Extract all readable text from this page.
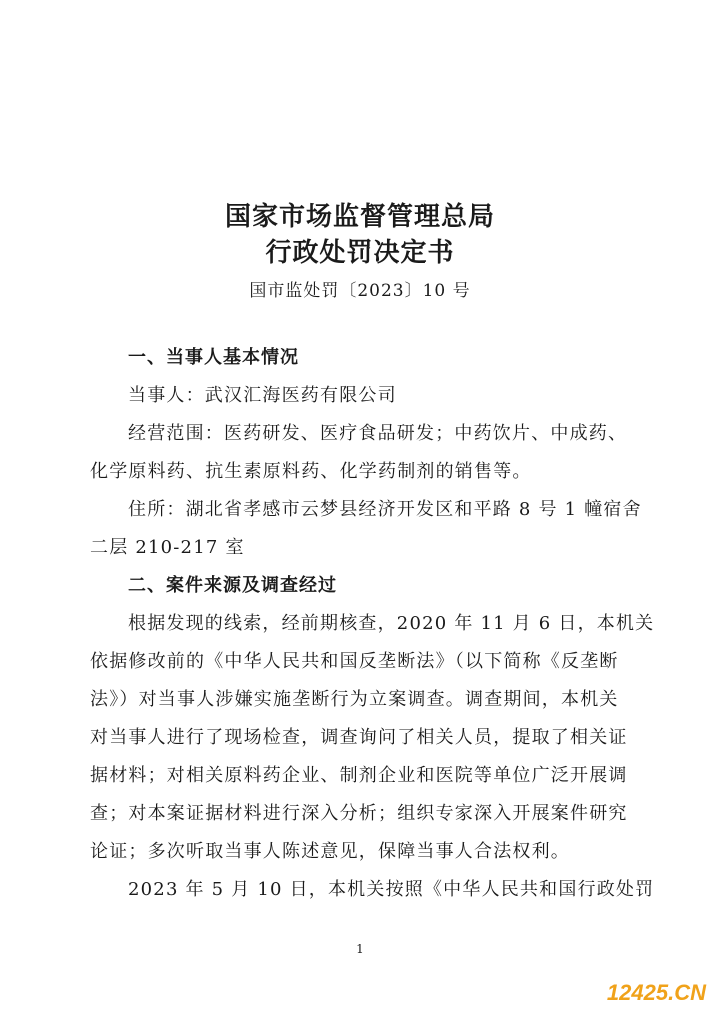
国家市场监督管理总局
行政处罚决定书
国市监处罚〔2023〕10 号
一、当事人基本情况
当事人：武汉汇海医药有限公司
经营范围：医药研发、医疗食品研发；中药饮片、中成药、
化学原料药、抗生素原料药、化学药制剂的销售等。
住所：湖北省孝感市云梦县经济开发区和平路 8 号 1 幢宿舍
二层 210-217 室
二、案件来源及调查经过
根据发现的线索，经前期核查，2020 年 11 月 6 日，本机关
依据修改前的《中华人民共和国反垄断法》（以下简称《反垄断
法》）对当事人涉嫌实施垄断行为立案调查。调查期间，本机关
对当事人进行了现场检查，调查询问了相关人员，提取了相关证
据材料；对相关原料药企业、制剂企业和医院等单位广泛开展调
查；对本案证据材料进行深入分析；组织专家深入开展案件研究
论证；多次听取当事人陈述意见，保障当事人合法权利。
2023 年 5 月 10 日，本机关按照《中华人民共和国行政处罚
1
12425.CN
